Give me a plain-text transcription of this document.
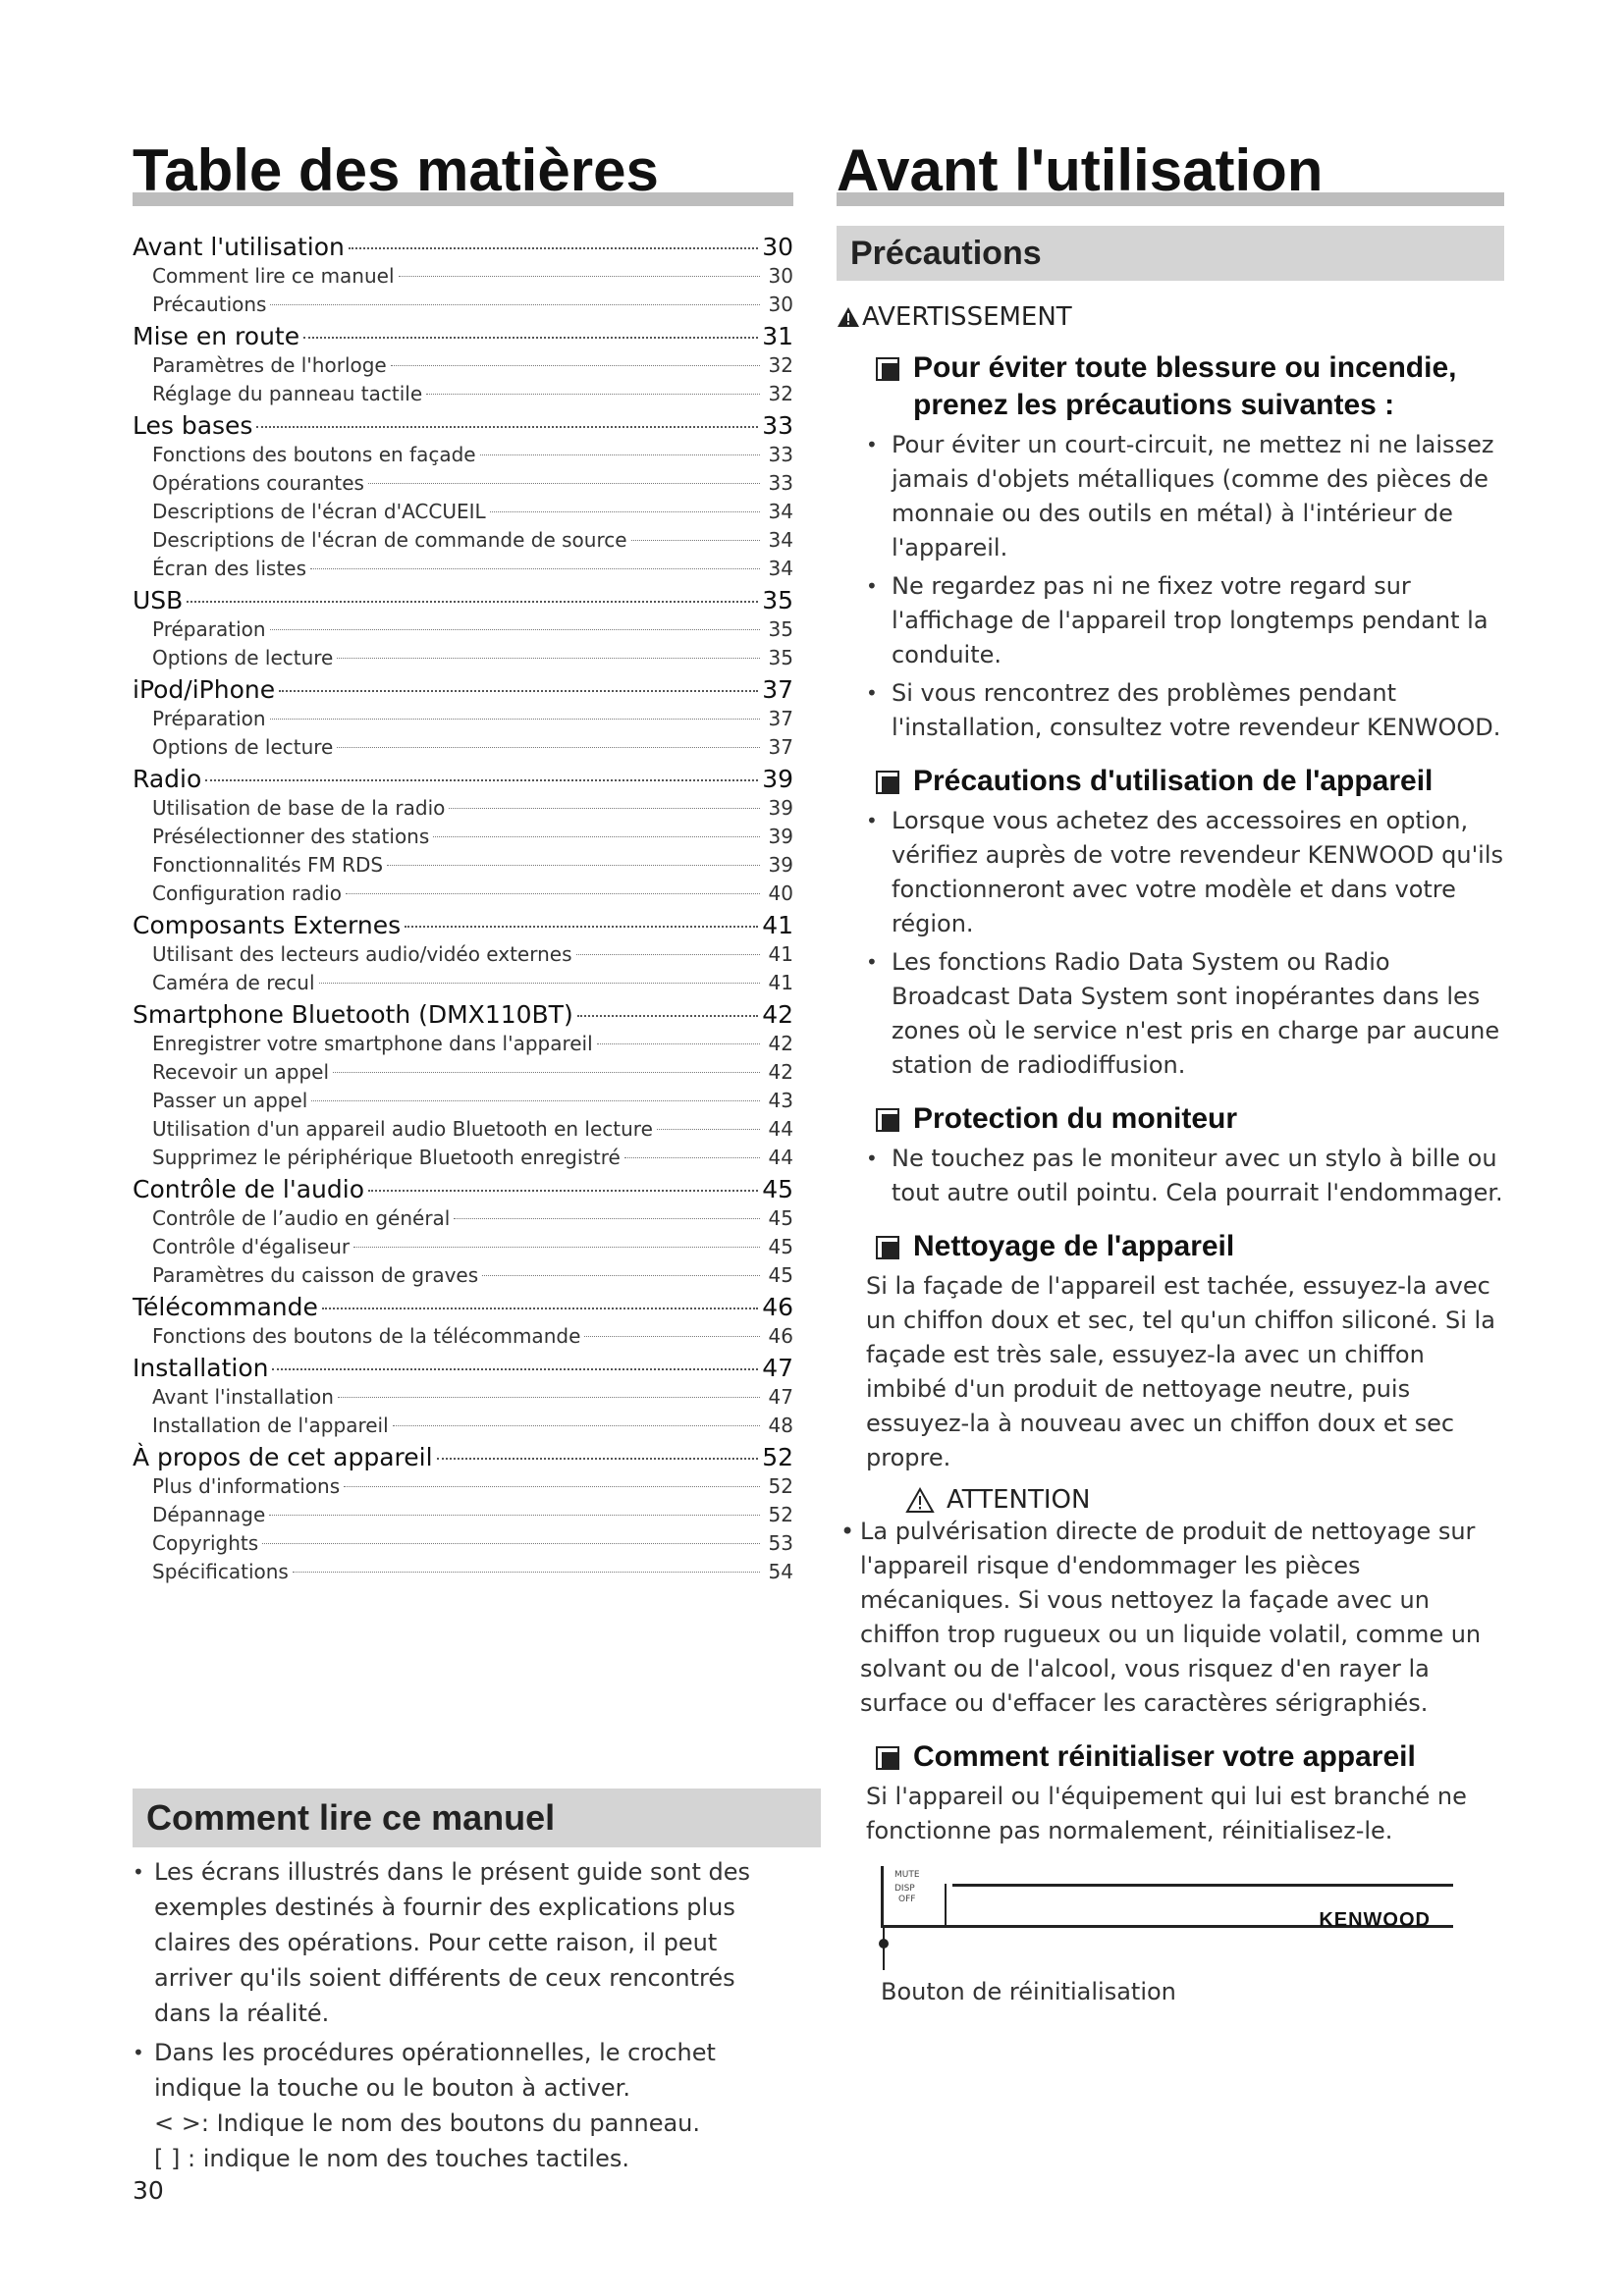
Table des matières
Avant l'utilisation	30
Comment lire ce manuel	30
Précautions	30
Mise en route	31
Paramètres de l'horloge	32
Réglage du panneau tactile	32
Les bases	33
Fonctions des boutons en façade	33
Opérations courantes	33
Descriptions de l'écran d'ACCUEIL	34
Descriptions de l'écran de commande de source	34
Écran des listes	34
USB	35
Préparation	35
Options de lecture	35
iPod/iPhone	37
Préparation	37
Options de lecture	37
Radio	39
Utilisation de base de la radio	39
Présélectionner des stations	39
Fonctionnalités FM RDS	39
Configuration radio	40
Composants Externes	41
Utilisant des lecteurs audio/vidéo externes	41
Caméra de recul	41
Smartphone Bluetooth (DMX110BT)	42
Enregistrer votre smartphone dans l'appareil	42
Recevoir un appel	42
Passer un appel	43
Utilisation d'un appareil audio Bluetooth en lecture	44
Supprimez le périphérique Bluetooth enregistré	44
Contrôle de l'audio	45
Contrôle de l’audio en général	45
Contrôle d'égaliseur	45
Paramètres du caisson de graves	45
Télécommande	46
Fonctions des boutons de la télécommande	46
Installation	47
Avant l'installation	47
Installation de l'appareil	48
À propos de cet appareil	52
Plus d'informations	52
Dépannage	52
Copyrights	53
Spécifications	54
Comment lire ce manuel
• Les écrans illustrés dans le présent guide sont des exemples destinés à fournir des explications plus claires des opérations. Pour cette raison, il peut arriver qu'ils soient différents de ceux rencontrés dans la réalité.
• Dans les procédures opérationnelles, le crochet indique la touche ou le bouton à activer.
< >: Indique le nom des boutons du panneau.
[ ] : indique le nom des touches tactiles.
30
Avant l'utilisation
Précautions
AVERTISSEMENT
Pour éviter toute blessure ou incendie, prenez les précautions suivantes :
• Pour éviter un court-circuit, ne mettez ni ne laissez jamais d'objets métalliques (comme des pièces de monnaie ou des outils en métal) à l'intérieur de l'appareil.
• Ne regardez pas ni ne fixez votre regard sur l'affichage de l'appareil trop longtemps pendant la conduite.
• Si vous rencontrez des problèmes pendant l'installation, consultez votre revendeur KENWOOD.
Précautions d'utilisation de l'appareil
• Lorsque vous achetez des accessoires en option, vérifiez auprès de votre revendeur KENWOOD qu'ils fonctionneront avec votre modèle et dans votre région.
• Les fonctions Radio Data System ou Radio Broadcast Data System sont inopérantes dans les zones où le service n'est pris en charge par aucune station de radiodiffusion.
Protection du moniteur
• Ne touchez pas le moniteur avec un stylo à bille ou tout autre outil pointu. Cela pourrait l'endommager.
Nettoyage de l'appareil
Si la façade de l'appareil est tachée, essuyez-la avec un chiffon doux et sec, tel qu'un chiffon siliconé. Si la façade est très sale, essuyez-la avec un chiffon imbibé d'un produit de nettoyage neutre, puis essuyez-la à nouveau avec un chiffon doux et sec propre.
ATTENTION
• La pulvérisation directe de produit de nettoyage sur l'appareil risque d'endommager les pièces mécaniques. Si vous nettoyez la façade avec un chiffon trop rugueux ou un liquide volatil, comme un solvant ou de l'alcool, vous risquez d'en rayer la surface ou d'effacer les caractères sérigraphiés.
Comment réinitialiser votre appareil
Si l'appareil ou l'équipement qui lui est branché ne fonctionne pas normalement, réinitialisez-le.
MUTE
DISP
OFF
KENWOOD
Bouton de réinitialisation
